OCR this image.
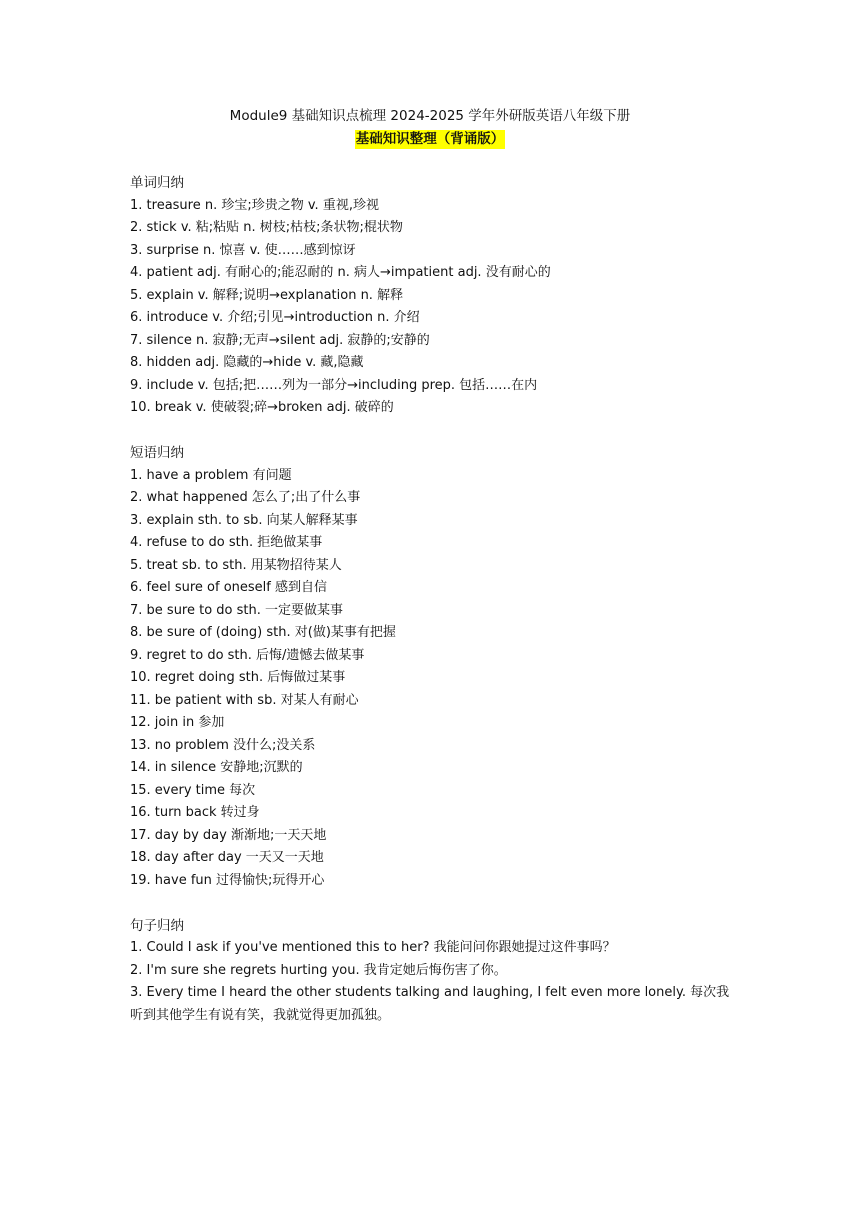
Module9 基础知识点梳理 2024-2025 学年外研版英语八年级下册
基础知识整理（背诵版）
单词归纳
1. treasure n. 珍宝;珍贵之物 v. 重视,珍视
2. stick v. 粘;粘贴 n. 树枝;枯枝;条状物;棍状物
3. surprise n. 惊喜 v. 使……感到惊讶
4. patient adj. 有耐心的;能忍耐的 n. 病人→impatient adj. 没有耐心的
5. explain v. 解释;说明→explanation n. 解释
6. introduce v. 介绍;引见→introduction n. 介绍
7. silence n. 寂静;无声→silent adj. 寂静的;安静的
8. hidden adj. 隐藏的→hide v. 藏,隐藏
9. include v. 包括;把……列为一部分→including prep. 包括……在内
10. break v. 使破裂;碎→broken adj. 破碎的
短语归纳
1. have a problem 有问题
2. what happened 怎么了;出了什么事
3. explain sth. to sb. 向某人解释某事
4. refuse to do sth. 拒绝做某事
5. treat sb. to sth. 用某物招待某人
6. feel sure of oneself 感到自信
7. be sure to do sth. 一定要做某事
8. be sure of (doing) sth. 对(做)某事有把握
9. regret to do sth. 后悔/遗憾去做某事
10. regret doing sth. 后悔做过某事
11. be patient with sb. 对某人有耐心
12. join in 参加
13. no problem 没什么;没关系
14. in silence 安静地;沉默的
15. every time 每次
16. turn back 转过身
17. day by day 渐渐地;一天天地
18. day after day 一天又一天地
19. have fun 过得愉快;玩得开心
句子归纳
1. Could I ask if you've mentioned this to her? 我能问问你跟她提过这件事吗？
2. I'm sure she regrets hurting you. 我肯定她后悔伤害了你。
3. Every time I heard the other students talking and laughing, I felt even more lonely. 每次我听到其他学生有说有笑，我就觉得更加孤独。
